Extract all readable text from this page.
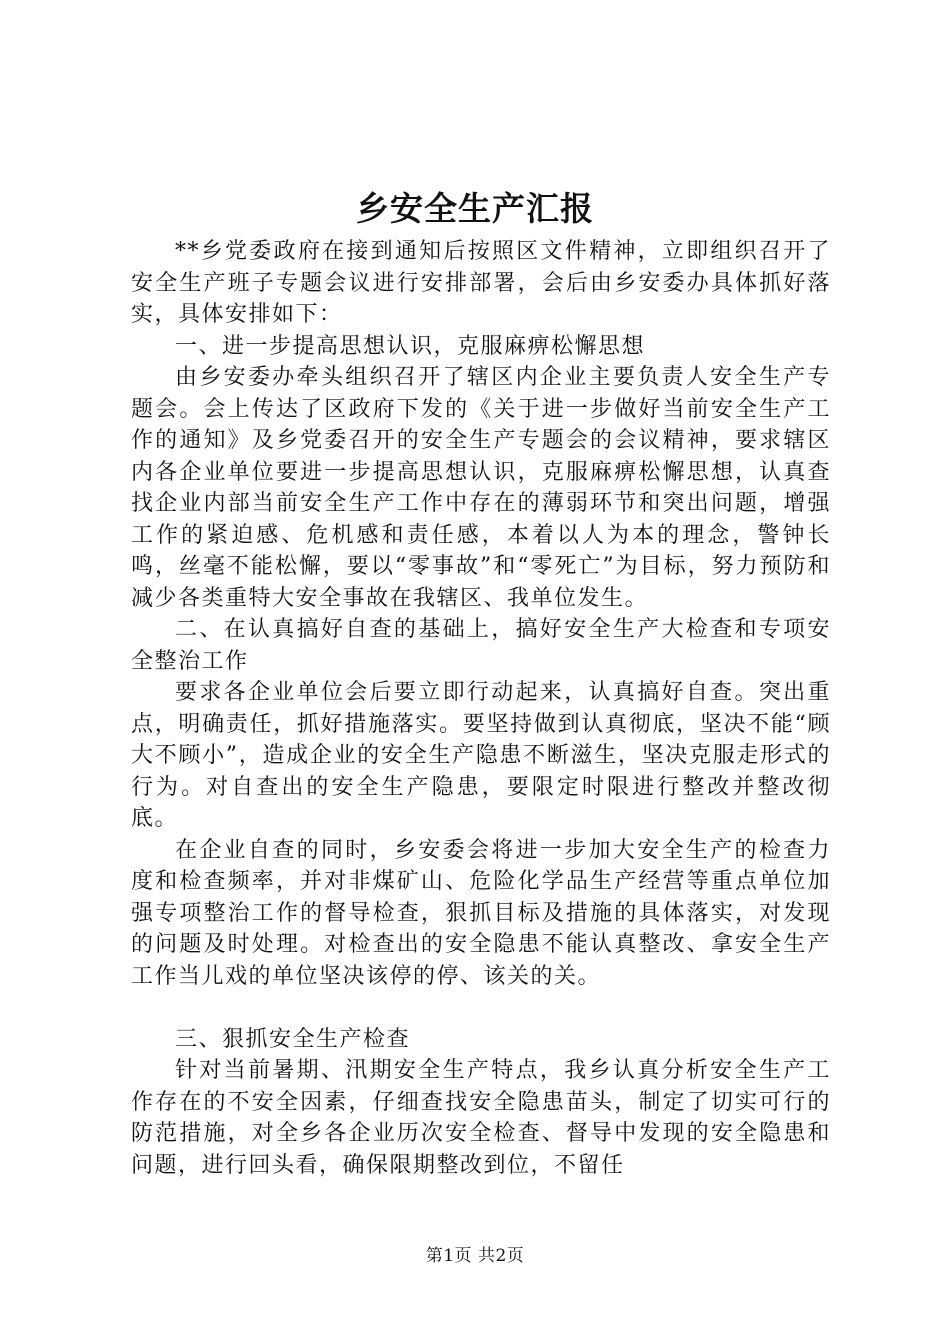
乡安全生产汇报

**乡党委政府在接到通知后按照区文件精神，立即组织召开了安全生产班子专题会议进行安排部署，会后由乡安委办具体抓好落实，具体安排如下：

一、进一步提高思想认识，克服麻痹松懈思想

由乡安委办牵头组织召开了辖区内企业主要负责人安全生产专题会。会上传达了区政府下发的《关于进一步做好当前安全生产工作的通知》及乡党委召开的安全生产专题会的会议精神，要求辖区内各企业单位要进一步提高思想认识，克服麻痹松懈思想，认真查找企业内部当前安全生产工作中存在的薄弱环节和突出问题，增强工作的紧迫感、危机感和责任感，本着以人为本的理念，警钟长鸣，丝毫不能松懈，要以“零事故”和“零死亡”为目标，努力预防和减少各类重特大安全事故在我辖区、我单位发生。

二、在认真搞好自查的基础上，搞好安全生产大检查和专项安全整治工作

要求各企业单位会后要立即行动起来，认真搞好自查。突出重点，明确责任，抓好措施落实。要坚持做到认真彻底，坚决不能“顾大不顾小”，造成企业的安全生产隐患不断滋生，坚决克服走形式的行为。对自查出的安全生产隐患，要限定时限进行整改并整改彻底。

在企业自查的同时，乡安委会将进一步加大安全生产的检查力度和检查频率，并对非煤矿山、危险化学品生产经营等重点单位加强专项整治工作的督导检查，狠抓目标及措施的具体落实，对发现的问题及时处理。对检查出的安全隐患不能认真整改、拿安全生产工作当儿戏的单位坚决该停的停、该关的关。

三、狠抓安全生产检查

针对当前暑期、汛期安全生产特点，我乡认真分析安全生产工作存在的不安全因素，仔细查找安全隐患苗头，制定了切实可行的防范措施，对全乡各企业历次安全检查、督导中发现的安全隐患和问题，进行回头看，确保限期整改到位，不留任

第1页 共2页
